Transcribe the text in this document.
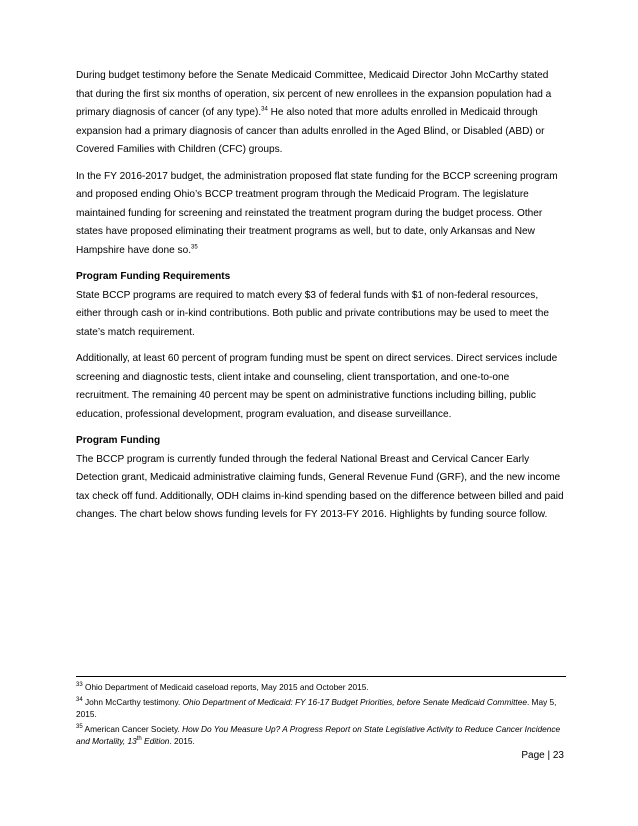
During budget testimony before the Senate Medicaid Committee, Medicaid Director John McCarthy stated that during the first six months of operation, six percent of new enrollees in the expansion population had a primary diagnosis of cancer (of any type).$^{34}$ He also noted that more adults enrolled in Medicaid through expansion had a primary diagnosis of cancer than adults enrolled in the Aged Blind, or Disabled (ABD) or Covered Families with Children (CFC) groups.

In the FY 2016-2017 budget, the administration proposed flat state funding for the BCCP screening program and proposed ending Ohio’s BCCP treatment program through the Medicaid Program. The legislature maintained funding for screening and reinstated the treatment program during the budget process. Other states have proposed eliminating their treatment programs as well, but to date, only Arkansas and New Hampshire have done so.$^{35}$

Program Funding Requirements

State BCCP programs are required to match every $3 of federal funds with $1 of non-federal resources, either through cash or in-kind contributions. Both public and private contributions may be used to meet the state’s match requirement.

Additionally, at least 60 percent of program funding must be spent on direct services. Direct services include screening and diagnostic tests, client intake and counseling, client transportation, and one-to-one recruitment. The remaining 40 percent may be spent on administrative functions including billing, public education, professional development, program evaluation, and disease surveillance.

Program Funding

The BCCP program is currently funded through the federal National Breast and Cervical Cancer Early Detection grant, Medicaid administrative claiming funds, General Revenue Fund (GRF), and the new income tax check off fund. Additionally, ODH claims in-kind spending based on the difference between billed and paid changes. The chart below shows funding levels for FY 2013-FY 2016. Highlights by funding source follow.

$^{33}$ Ohio Department of Medicaid caseload reports, May 2015 and October 2015.

$^{34}$ John McCarthy testimony. Ohio Department of Medicaid: FY 16-17 Budget Priorities, before Senate Medicaid Committee. May 5, 2015.

$^{35}$ American Cancer Society. How Do You Measure Up? A Progress Report on State Legislative Activity to Reduce Cancer Incidence and Mortality, 13th Edition. 2015.

Page | 23
